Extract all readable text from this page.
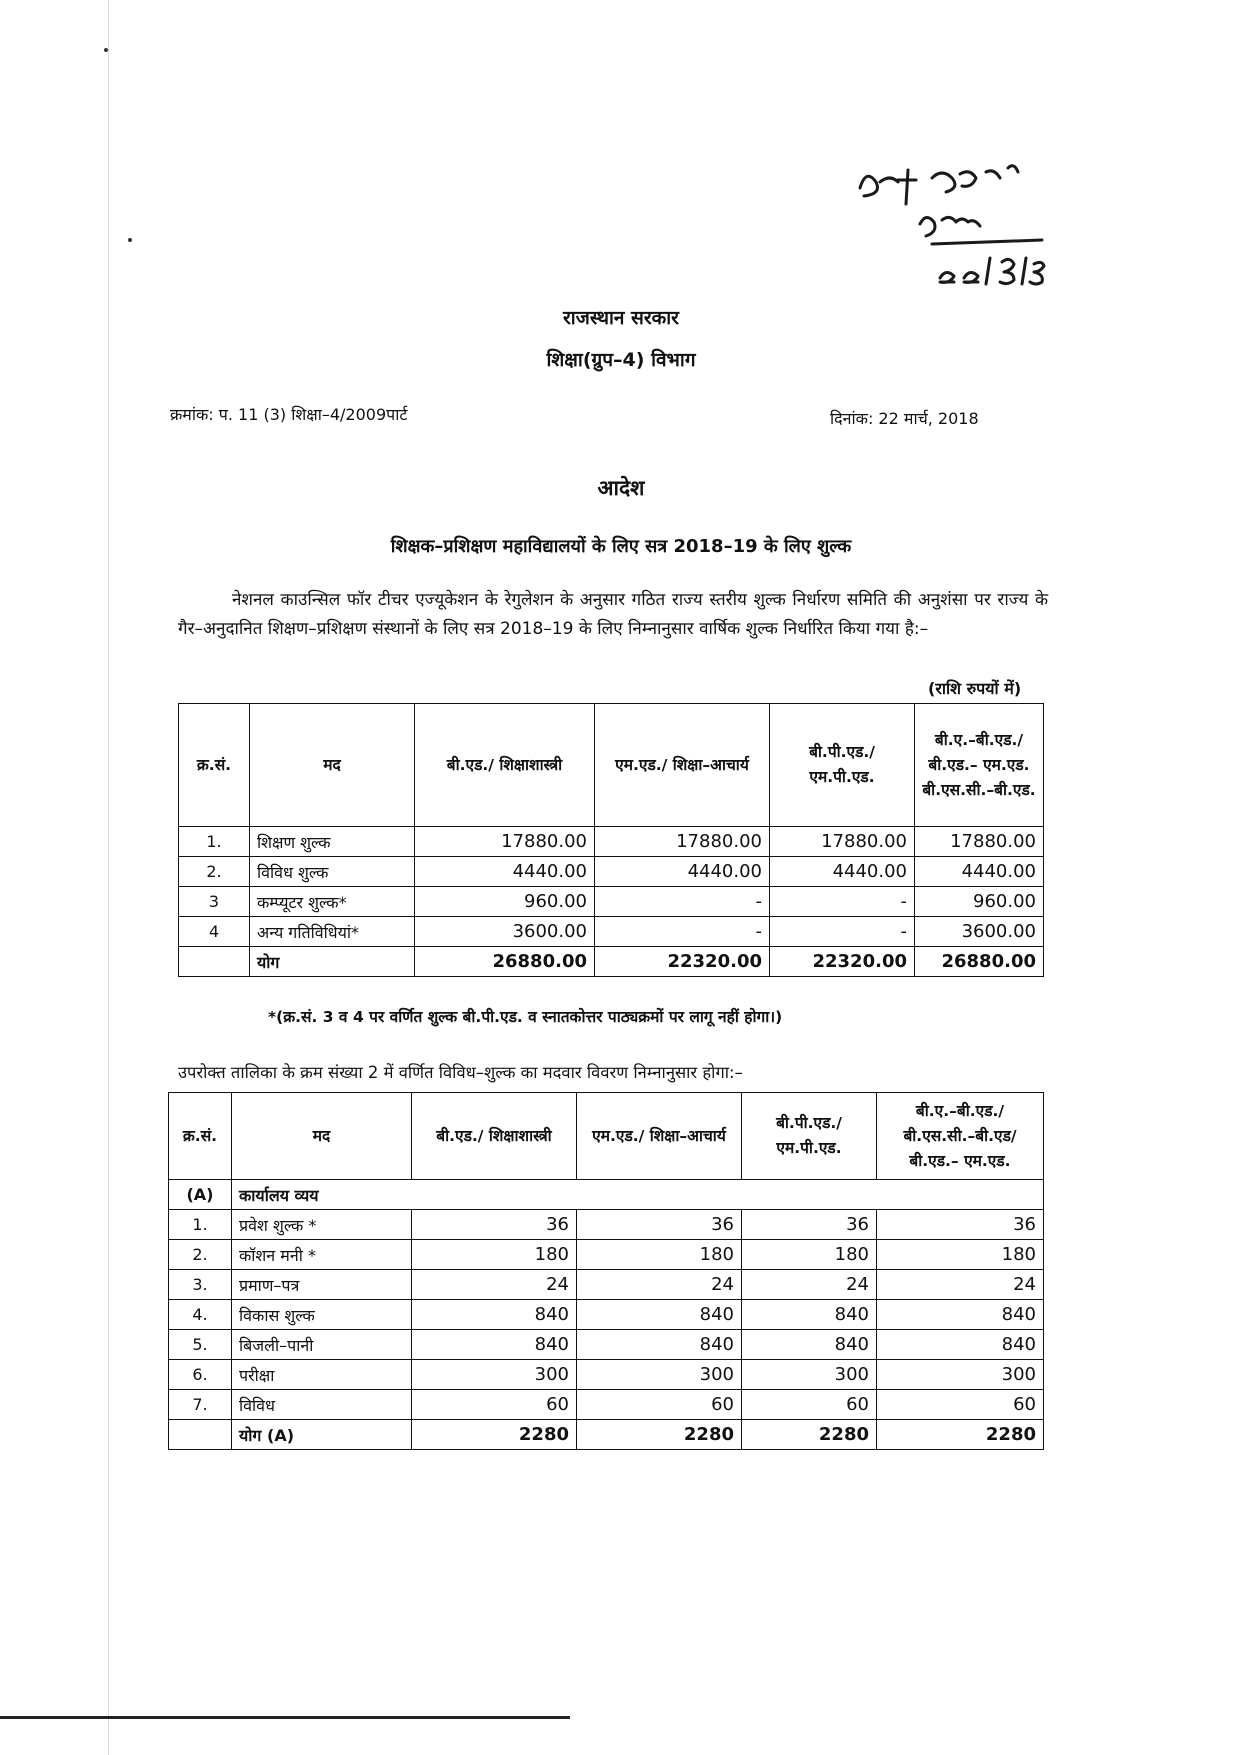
राजस्थान सरकार
शिक्षा(ग्रुप–4) विभाग
क्रमांक: प. 11 (3) शिक्षा–4/2009पार्ट	दिनांक: 22 मार्च, 2018
आदेश
शिक्षक–प्रशिक्षण महाविद्यालयों के लिए सत्र 2018–19 के लिए शुल्क
नेशनल काउन्सिल फॉर टीचर एज्यूकेशन के रेगुलेशन के अनुसार गठित राज्य स्तरीय शुल्क निर्धारण समिति की अनुशंसा पर राज्य के गैर–अनुदानित शिक्षण–प्रशिक्षण संस्थानों के लिए सत्र 2018–19 के लिए निम्नानुसार वार्षिक शुल्क निर्धारित किया गया है:–
(राशि रुपयों में)
क्र.सं.	मद	बी.एड./ शिक्षाशास्त्री	एम.एड./ शिक्षा–आचार्य	बी.पी.एड./ एम.पी.एड.	बी.ए.–बी.एड./ बी.एड.– एम.एड. बी.एस.सी.–बी.एड.
1.	शिक्षण शुल्क	17880.00	17880.00	17880.00	17880.00
2.	विविध शुल्क	4440.00	4440.00	4440.00	4440.00
3	कम्प्यूटर शुल्क*	960.00	-	-	960.00
4	अन्य गतिविधियां*	3600.00	-	-	3600.00
	योग	26880.00	22320.00	22320.00	26880.00
*(क्र.सं. 3 व 4 पर वर्णित शुल्क बी.पी.एड. व स्नातकोत्तर पाठ्यक्रमों पर लागू नहीं होगा।)
उपरोक्त तालिका के क्रम संख्या 2 में वर्णित विविध–शुल्क का मदवार विवरण निम्नानुसार होगा:–
क्र.सं.	मद	बी.एड./ शिक्षाशास्त्री	एम.एड./ शिक्षा–आचार्य	बी.पी.एड./ एम.पी.एड.	बी.ए.–बी.एड./ बी.एस.सी.–बी.एड/ बी.एड.– एम.एड.
(A)	कार्यालय व्यय				
1.	प्रवेश शुल्क *	36	36	36	36
2.	कॉशन मनी *	180	180	180	180
3.	प्रमाण–पत्र	24	24	24	24
4.	विकास शुल्क	840	840	840	840
5.	बिजली–पानी	840	840	840	840
6.	परीक्षा	300	300	300	300
7.	विविध	60	60	60	60
	योग (A)	2280	2280	2280	2280
